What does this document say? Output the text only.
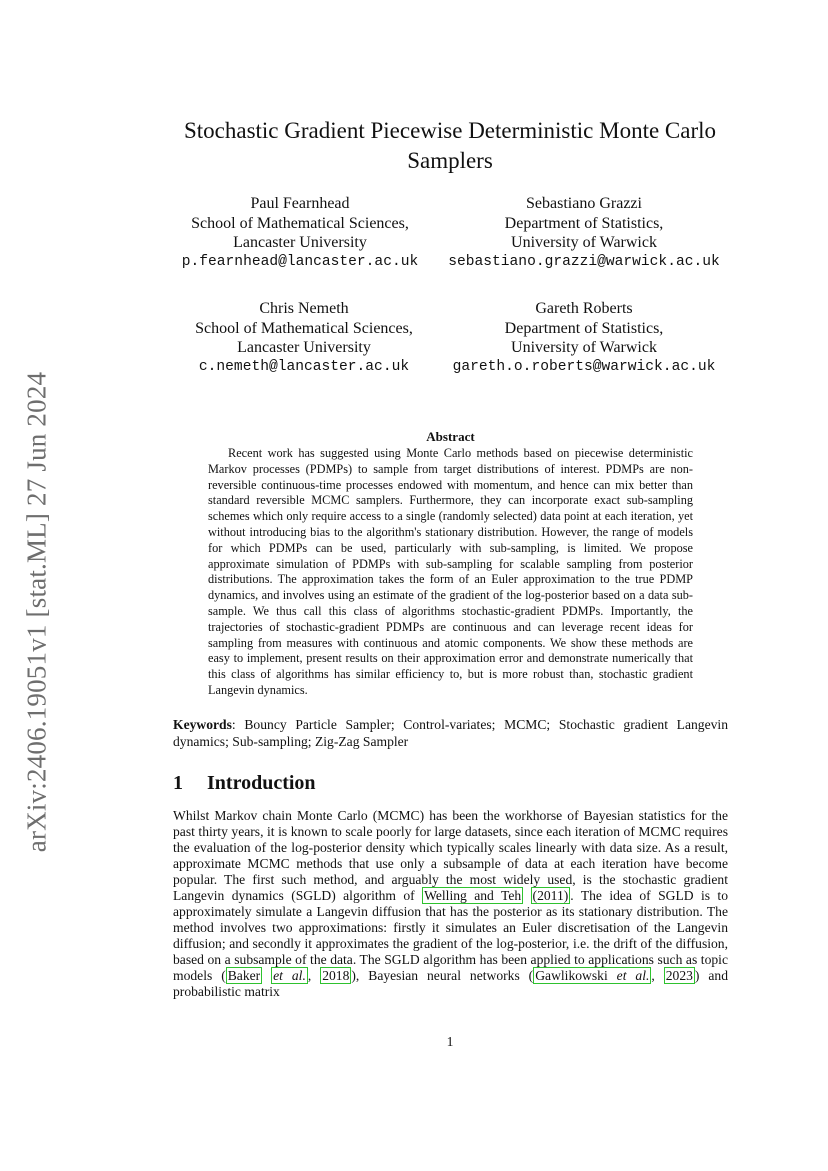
arXiv:2406.19051v1 [stat.ML] 27 Jun 2024
Stochastic Gradient Piecewise Deterministic Monte Carlo Samplers
Paul Fearnhead
School of Mathematical Sciences,
Lancaster University
p.fearnhead@lancaster.ac.uk
Sebastiano Grazzi
Department of Statistics,
University of Warwick
sebastiano.grazzi@warwick.ac.uk
Chris Nemeth
School of Mathematical Sciences,
Lancaster University
c.nemeth@lancaster.ac.uk
Gareth Roberts
Department of Statistics,
University of Warwick
gareth.o.roberts@warwick.ac.uk
Abstract

Recent work has suggested using Monte Carlo methods based on piecewise deterministic Markov processes (PDMPs) to sample from target distributions of interest. PDMPs are non-reversible continuous-time processes endowed with momentum, and hence can mix better than standard reversible MCMC samplers. Furthermore, they can incorporate exact sub-sampling schemes which only require access to a single (randomly selected) data point at each iteration, yet without introducing bias to the algorithm's stationary distribution. However, the range of models for which PDMPs can be used, particularly with sub-sampling, is limited. We propose approximate simulation of PDMPs with sub-sampling for scalable sampling from posterior distributions. The approximation takes the form of an Euler approximation to the true PDMP dynamics, and involves using an estimate of the gradient of the log-posterior based on a data sub-sample. We thus call this class of algorithms stochastic-gradient PDMPs. Importantly, the trajectories of stochastic-gradient PDMPs are continuous and can leverage recent ideas for sampling from measures with continuous and atomic components. We show these methods are easy to implement, present results on their approximation error and demonstrate numerically that this class of algorithms has similar efficiency to, but is more robust than, stochastic gradient Langevin dynamics.

Keywords: Bouncy Particle Sampler; Control-variates; MCMC; Stochastic gradient Langevin dynamics; Sub-sampling; Zig-Zag Sampler
1 Introduction

Whilst Markov chain Monte Carlo (MCMC) has been the workhorse of Bayesian statistics for the past thirty years, it is known to scale poorly for large datasets, since each iteration of MCMC requires the evaluation of the log-posterior density which typically scales linearly with data size. As a result, approximate MCMC methods that use only a subsample of data at each iteration have become popular. The first such method, and arguably the most widely used, is the stochastic gradient Langevin dynamics (SGLD) algorithm of Welling and Teh (2011) . The idea of SGLD is to approximately simulate a Langevin diffusion that has the posterior as its stationary distribution. The method involves two approximations: firstly it simulates an Euler discretisation of the Langevin diffusion; and secondly it approximates the gradient of the log-posterior, i.e. the drift of the diffusion, based on a subsample of the data. The SGLD algorithm has been applied to applications such as topic models ( Baker et al. , 2018 ), Bayesian neural networks ( Gawlikowski et al. , 2023 ) and probabilistic matrix

1
